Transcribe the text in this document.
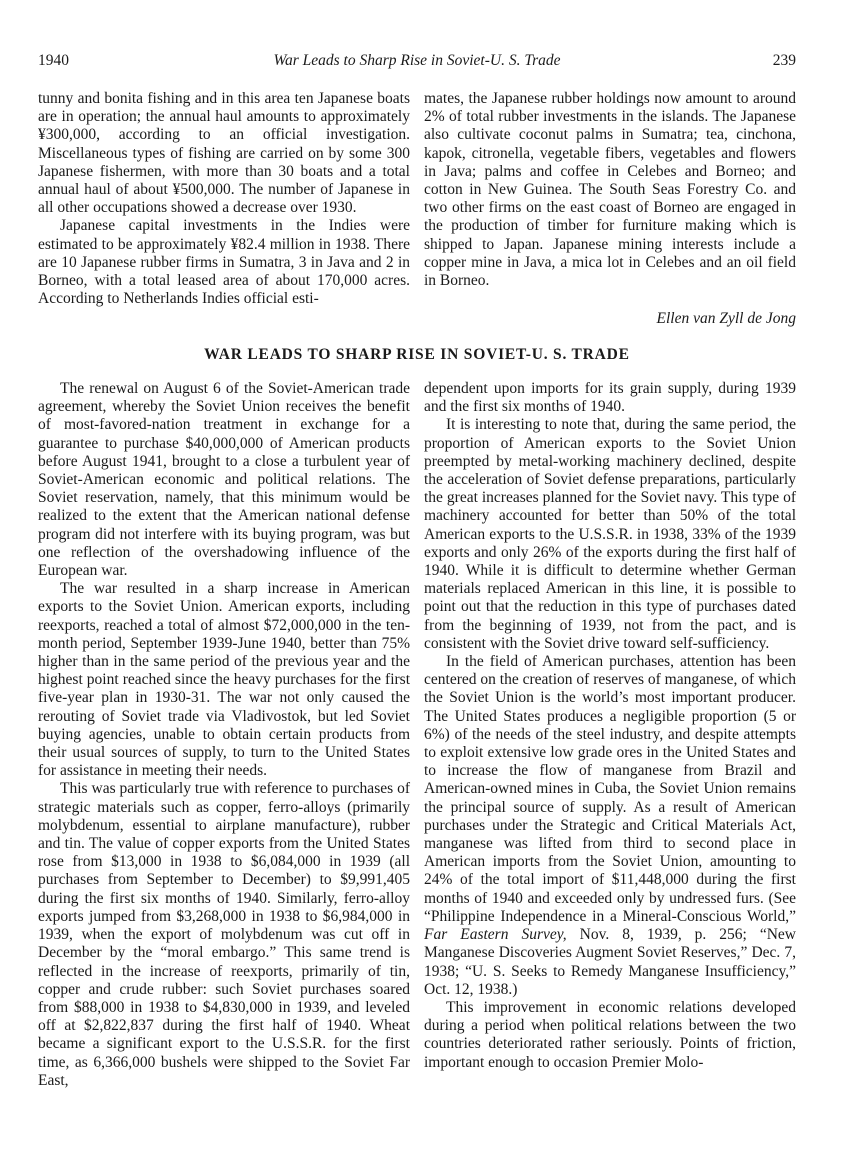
1940	War Leads to Sharp Rise in Soviet-U. S. Trade	239

tunny and bonita fishing and in this area ten Japanese boats are in operation; the annual haul amounts to approximately ¥300,000, according to an official investigation. Miscellaneous types of fishing are carried on by some 300 Japanese fishermen, with more than 30 boats and a total annual haul of about ¥500,000. The number of Japanese in all other occupations showed a decrease over 1930.

Japanese capital investments in the Indies were estimated to be approximately ¥82.4 million in 1938. There are 10 Japanese rubber firms in Sumatra, 3 in Java and 2 in Borneo, with a total leased area of about 170,000 acres. According to Netherlands Indies official esti-

mates, the Japanese rubber holdings now amount to around 2% of total rubber investments in the islands. The Japanese also cultivate coconut palms in Sumatra; tea, cinchona, kapok, citronella, vegetable fibers, vegetables and flowers in Java; palms and coffee in Celebes and Borneo; and cotton in New Guinea. The South Seas Forestry Co. and two other firms on the east coast of Borneo are engaged in the production of timber for furniture making which is shipped to Japan. Japanese mining interests include a copper mine in Java, a mica lot in Celebes and an oil field in Borneo.

Ellen van Zyll de Jong
WAR LEADS TO SHARP RISE IN SOVIET-U. S. TRADE

The renewal on August 6 of the Soviet-American trade agreement, whereby the Soviet Union receives the benefit of most-favored-nation treatment in exchange for a guarantee to purchase $40,000,000 of American products before August 1941, brought to a close a turbulent year of Soviet-American economic and political relations. The Soviet reservation, namely, that this minimum would be realized to the extent that the American national defense program did not interfere with its buying program, was but one reflection of the overshadowing influence of the European war.

The war resulted in a sharp increase in American exports to the Soviet Union. American exports, including reexports, reached a total of almost $72,000,000 in the ten-month period, September 1939-June 1940, better than 75% higher than in the same period of the previous year and the highest point reached since the heavy purchases for the first five-year plan in 1930-31. The war not only caused the rerouting of Soviet trade via Vladivostok, but led Soviet buying agencies, unable to obtain certain products from their usual sources of supply, to turn to the United States for assistance in meeting their needs.

This was particularly true with reference to purchases of strategic materials such as copper, ferro-alloys (primarily molybdenum, essential to airplane manufacture), rubber and tin. The value of copper exports from the United States rose from $13,000 in 1938 to $6,084,000 in 1939 (all purchases from September to December) to $9,991,405 during the first six months of 1940. Similarly, ferro-alloy exports jumped from $3,268,000 in 1938 to $6,984,000 in 1939, when the export of molybdenum was cut off in December by the “moral embargo.” This same trend is reflected in the increase of reexports, primarily of tin, copper and crude rubber: such Soviet purchases soared from $88,000 in 1938 to $4,830,000 in 1939, and leveled off at $2,822,837 during the first half of 1940. Wheat became a significant export to the U.S.S.R. for the first time, as 6,366,000 bushels were shipped to the Soviet Far East,

dependent upon imports for its grain supply, during 1939 and the first six months of 1940.

It is interesting to note that, during the same period, the proportion of American exports to the Soviet Union preempted by metal-working machinery declined, despite the acceleration of Soviet defense preparations, particularly the great increases planned for the Soviet navy. This type of machinery accounted for better than 50% of the total American exports to the U.S.S.R. in 1938, 33% of the 1939 exports and only 26% of the exports during the first half of 1940. While it is difficult to determine whether German materials replaced American in this line, it is possible to point out that the reduction in this type of purchases dated from the beginning of 1939, not from the pact, and is consistent with the Soviet drive toward self-sufficiency.

In the field of American purchases, attention has been centered on the creation of reserves of manganese, of which the Soviet Union is the world’s most important producer. The United States produces a negligible proportion (5 or 6%) of the needs of the steel industry, and despite attempts to exploit extensive low grade ores in the United States and to increase the flow of manganese from Brazil and American-owned mines in Cuba, the Soviet Union remains the principal source of supply. As a result of American purchases under the Strategic and Critical Materials Act, manganese was lifted from third to second place in American imports from the Soviet Union, amounting to 24% of the total import of $11,448,000 during the first months of 1940 and exceeded only by undressed furs. (See “Philippine Independence in a Mineral-Conscious World,” Far Eastern Survey, Nov. 8, 1939, p. 256; “New Manganese Discoveries Augment Soviet Reserves,” Dec. 7, 1938; “U. S. Seeks to Remedy Manganese Insufficiency,” Oct. 12, 1938.)

This improvement in economic relations developed during a period when political relations between the two countries deteriorated rather seriously. Points of friction, important enough to occasion Premier Molo-
